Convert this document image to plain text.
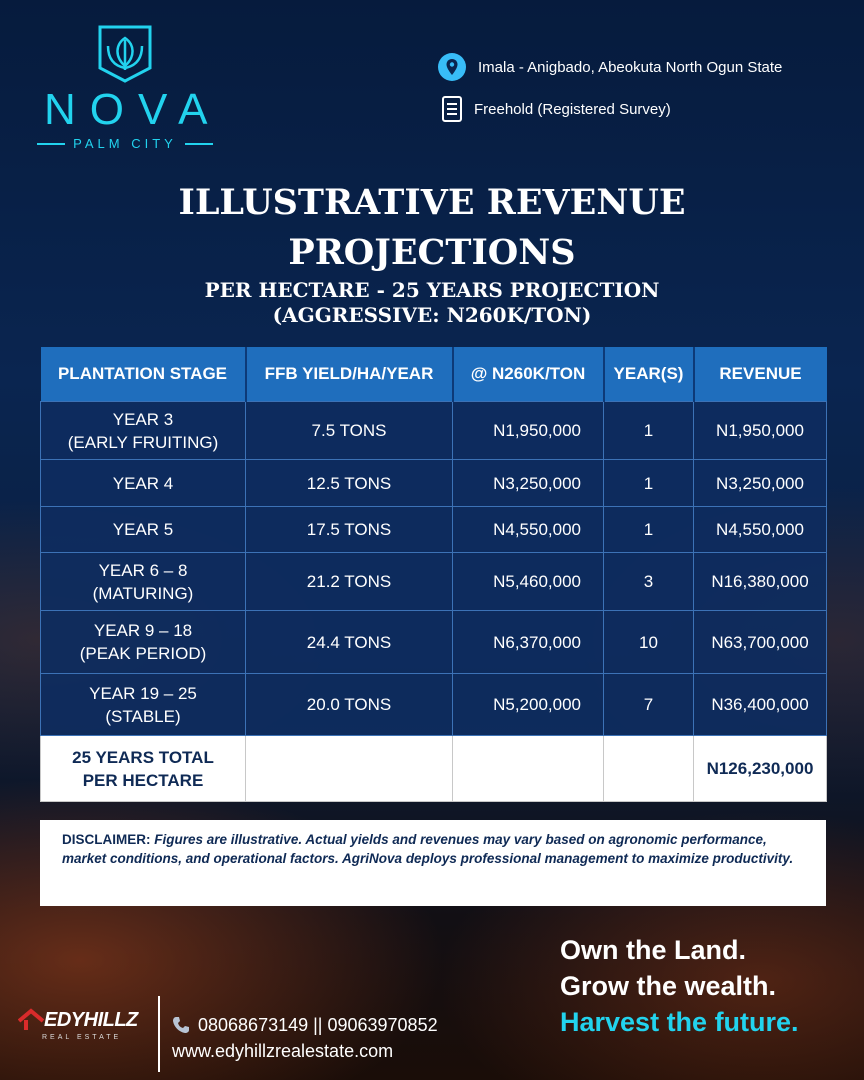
NOVA
PALM CITY
Imala - Anigbado, Abeokuta North Ogun State
Freehold (Registered Survey)
ILLUSTRATIVE REVENUE
PROJECTIONS
PER HECTARE - 25 YEARS PROJECTION
(AGGRESSIVE: N260K/TON)
PLANTATION STAGE	FFB YIELD/HA/YEAR	@ N260K/TON	YEAR(S)	REVENUE

YEAR 3
(EARLY FRUITING)	7.5 TONS	N1,950,000	1	N1,950,000
YEAR 4	12.5 TONS	N3,250,000	1	N3,250,000
YEAR 5	17.5 TONS	N4,550,000	1	N4,550,000

YEAR 6 – 8
(MATURING)	21.2 TONS	N5,460,000	3	N16,380,000

YEAR 9 – 18
(PEAK PERIOD)	24.4 TONS	N6,370,000	10	N63,700,000

YEAR 19 – 25
(STABLE)	20.0 TONS	N5,200,000	7	N36,400,000

25 YEARS TOTAL
PER HECTARE				N126,230,000
DISCLAIMER: Figures are illustrative. Actual yields and revenues may vary based on agronomic performance, market conditions, and operational factors. AgriNova deploys professional management to maximize productivity.
Own the Land.
Grow the wealth.
Harvest the future.
EDYHILLZ
REAL ESTATE
08068673149 || 09063970852
www.edyhillzrealestate.com
